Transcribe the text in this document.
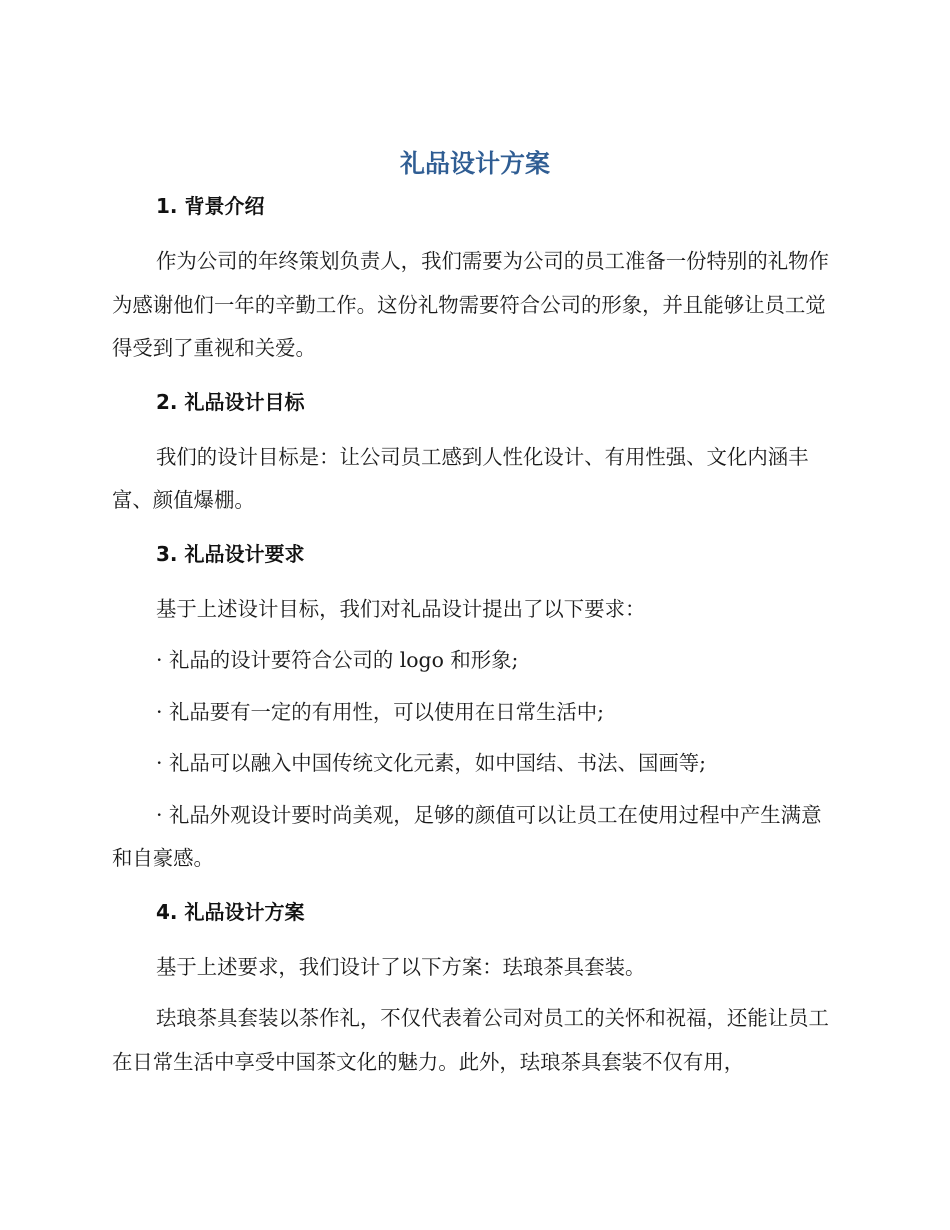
礼品设计方案
1. 背景介绍

作为公司的年终策划负责人，我们需要为公司的员工准备一份特别的礼物作为感谢他们一年的辛勤工作。这份礼物需要符合公司的形象，并且能够让员工觉得受到了重视和关爱。

2. 礼品设计目标

我们的设计目标是：让公司员工感到人性化设计、有用性强、文化内涵丰富、颜值爆棚。

3. 礼品设计要求

基于上述设计目标，我们对礼品设计提出了以下要求：

· 礼品的设计要符合公司的 logo 和形象;

· 礼品要有一定的有用性，可以使用在日常生活中;

· 礼品可以融入中国传统文化元素，如中国结、书法、国画等;

· 礼品外观设计要时尚美观，足够的颜值可以让员工在使用过程中产生满意和自豪感。

4. 礼品设计方案

基于上述要求，我们设计了以下方案：珐琅茶具套装。

珐琅茶具套装以茶作礼，不仅代表着公司对员工的关怀和祝福，还能让员工在日常生活中享受中国茶文化的魅力。此外，珐琅茶具套装不仅有用，
